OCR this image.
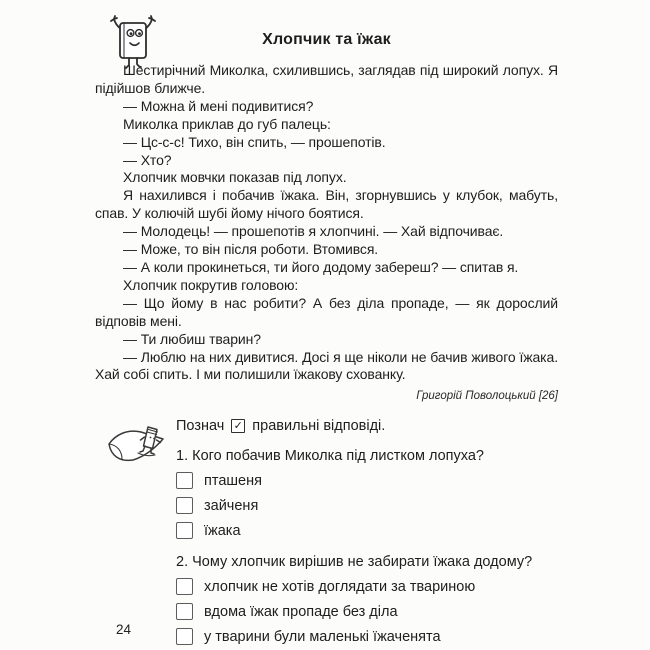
Хлопчик та їжак

Шестирічний Миколка, схилившись, заглядав під широкий лопух. Я підійшов ближче.

— Можна й мені подивитися?

Миколка приклав до губ палець:

— Цс-с-с! Тихо, він спить, — прошепотів.

— Хто?

Хлопчик мовчки показав під лопух.

Я нахилився і побачив їжака. Він, згорнувшись у клубок, мабуть, спав. У колючій шубі йому нічого боятися.

— Молодець! — прошепотів я хлопчині. — Хай відпочиває.

— Може, то він після роботи. Втомився.

— А коли прокинеться, ти його додому забереш? — спитав я.

Хлопчик покрутив головою:

— Що йому в нас робити? А без діла пропаде, — як дорослий відповів мені.

— Ти любиш тварин?

— Люблю на них дивитися. Досі я ще ніколи не бачив живого їжака. Хай собі спить. І ми полишили їжакову схованку.

Григорій Поволоцький [26]
Познач ✓ правильні відповіді.
1. Кого побачив Миколка під листком лопуха?
пташеня
зайченя
їжака
2. Чому хлопчик вирішив не забирати їжака додому?
хлопчик не хотів доглядати за твариною
вдома їжак пропаде без діла
у тварини були маленькі їжаченята
24
